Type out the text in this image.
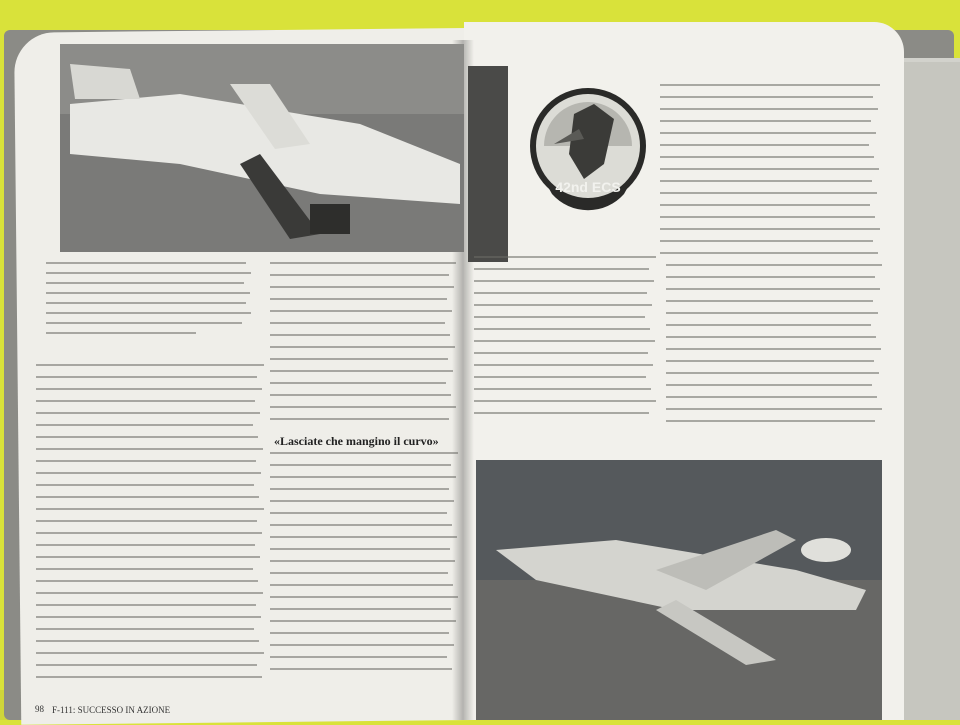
42nd ECS
«Lasciate che mangino il curvo»
98 F-111: SUCCESSO IN AZIONE
